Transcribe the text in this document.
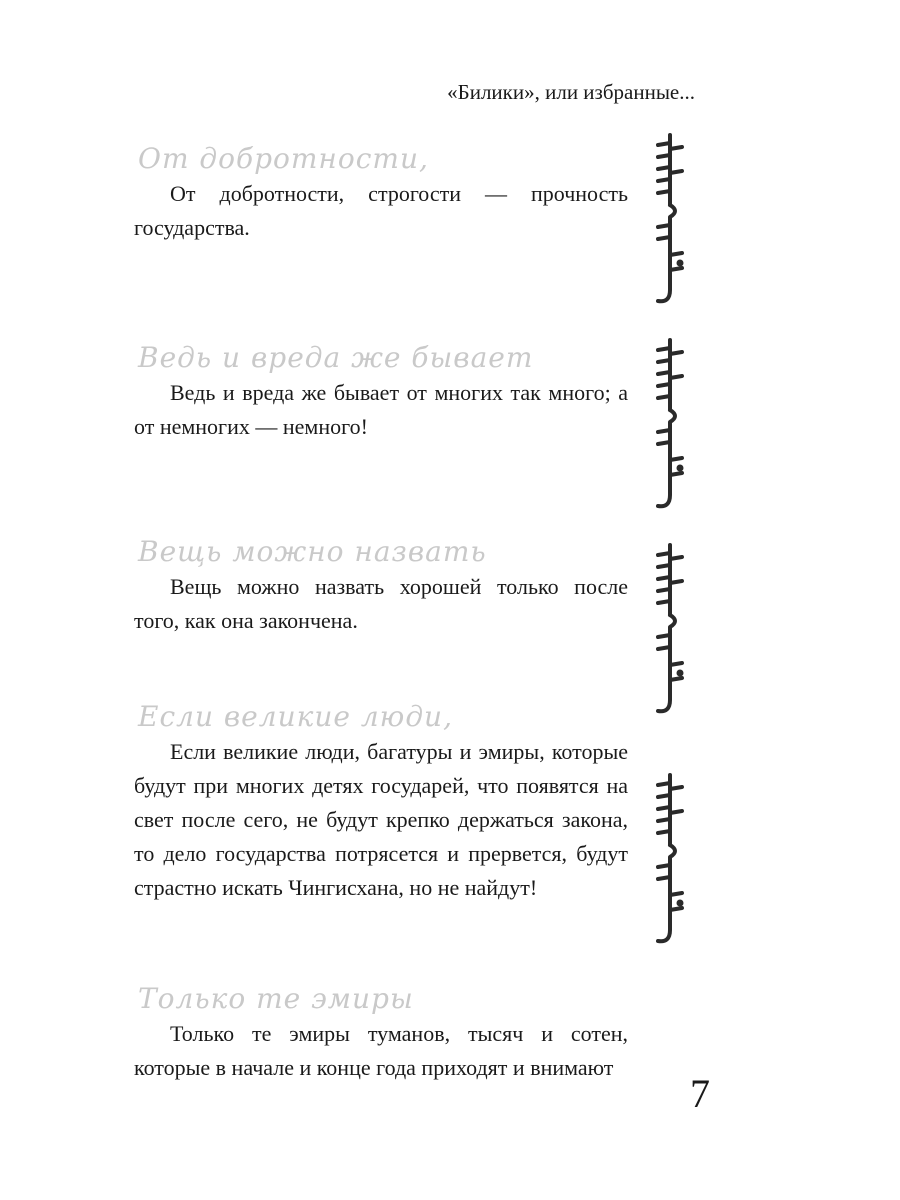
«Билики», или избранные...
От добротности,

От добротности, строгости — прочность государства.

Ведь и вреда же бывает

Ведь и вреда же бывает от многих так много; а от немногих — немного!

Вещь можно назвать

Вещь можно назвать хорошей только после того, как она закончена.

Если великие люди,

Если великие люди, багатуры и эмиры, которые будут при многих детях государей, что появятся на свет после сего, не будут крепко держаться закона, то дело государства потрясется и прервется, будут страстно искать Чингисхана, но не найдут!

Только те эмиры

Только те эмиры туманов, тысяч и сотен, которые в начале и конце года приходят и внимают

7
